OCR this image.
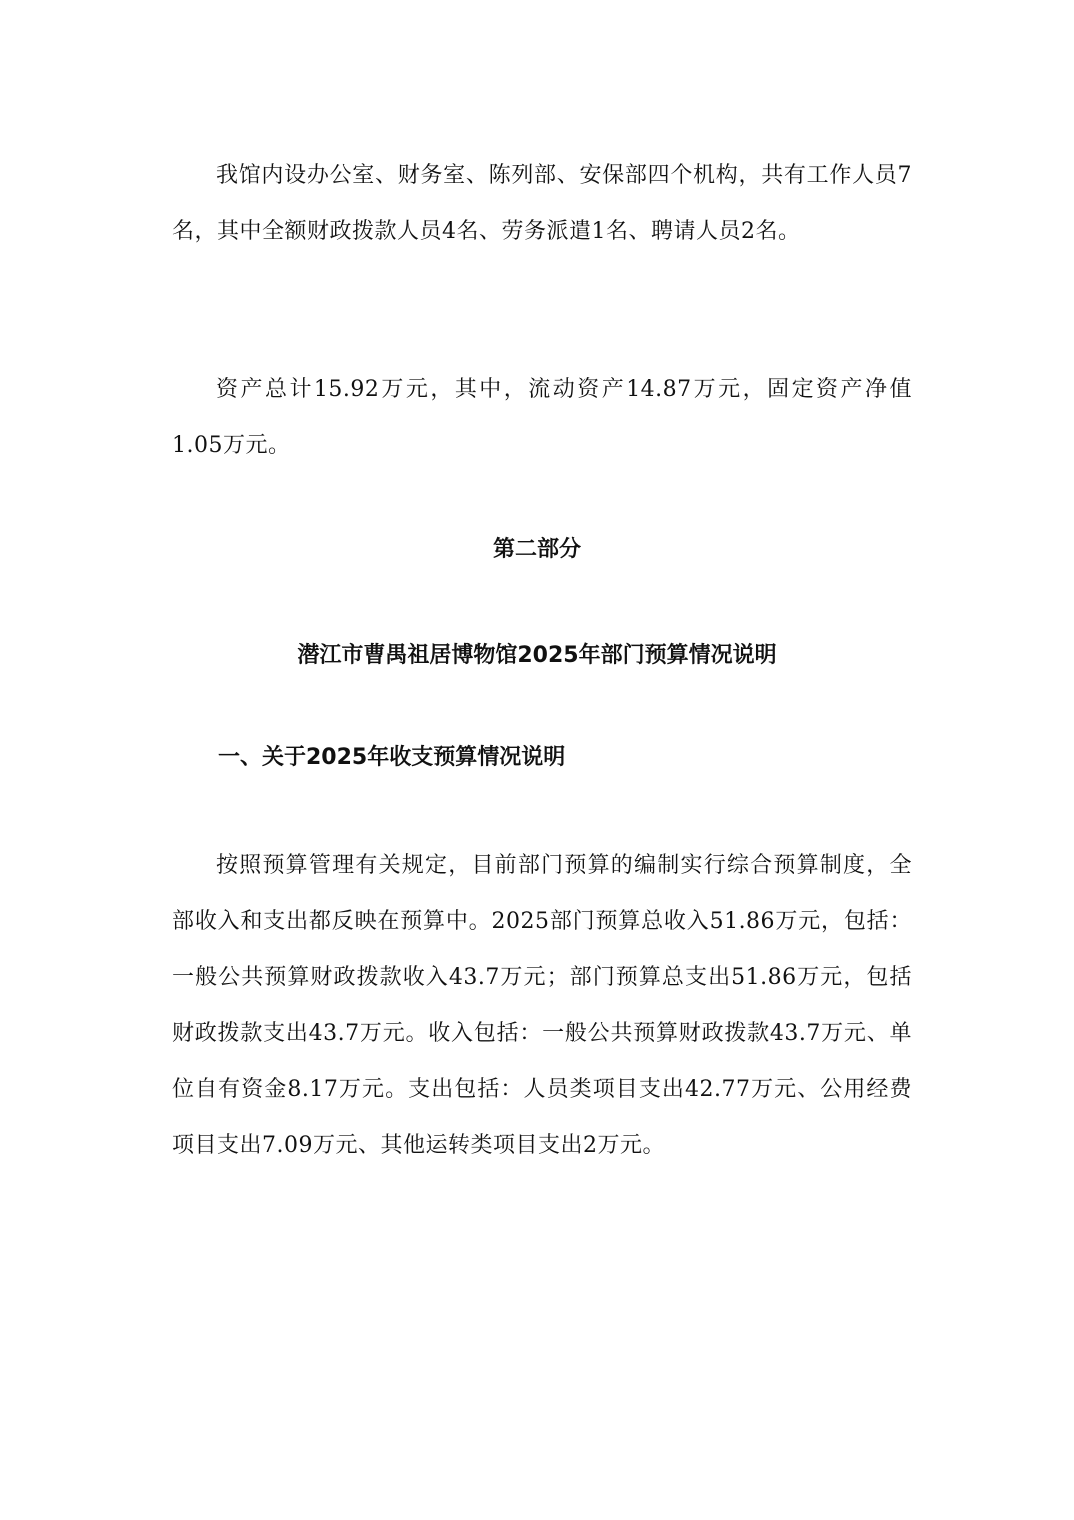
我馆内设办公室、财务室、陈列部、安保部四个机构，共有工作人员7名，其中全额财政拨款人员4名、劳务派遣1名、聘请人员2名。

资产总计15.92万元，其中，流动资产14.87万元，固定资产净值1.05万元。

第二部分
潜江市曹禺祖居博物馆2025年部门预算情况说明
一、关于2025年收支预算情况说明

按照预算管理有关规定，目前部门预算的编制实行综合预算制度，全部收入和支出都反映在预算中。2025部门预算总收入51.86万元，包括：一般公共预算财政拨款收入43.7万元；部门预算总支出51.86万元，包括财政拨款支出43.7万元。收入包括：一般公共预算财政拨款43.7万元、单位自有资金8.17万元。支出包括：人员类项目支出42.77万元、公用经费项目支出7.09万元、其他运转类项目支出2万元。
